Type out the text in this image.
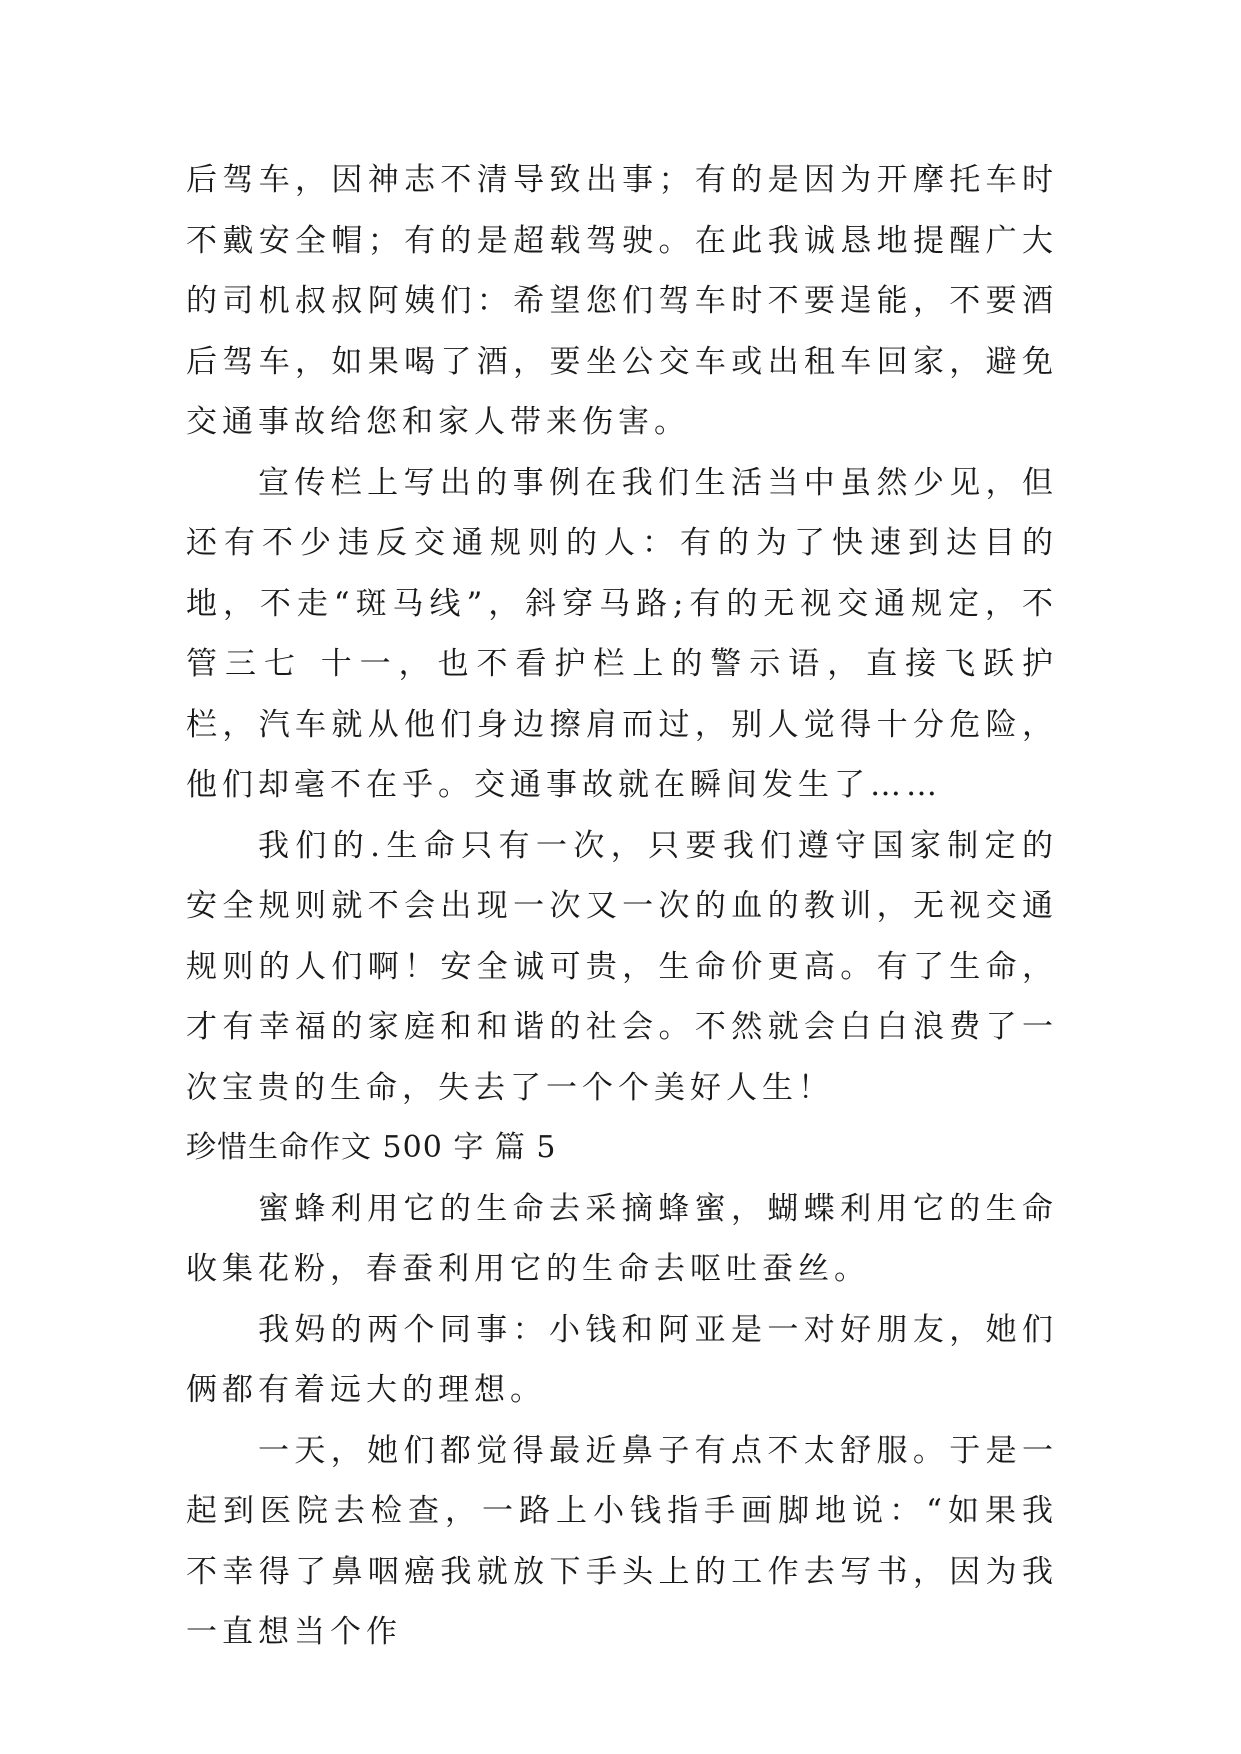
后驾车，因神志不清导致出事；有的是因为开摩托车时不戴安全帽；有的是超载驾驶。在此我诚恳地提醒广大的司机叔叔阿姨们：希望您们驾车时不要逞能，不要酒后驾车，如果喝了酒，要坐公交车或出租车回家，避免交通事故给您和家人带来伤害。

宣传栏上写出的事例在我们生活当中虽然少见，但还有不少违反交通规则的人：有的为了快速到达目的地，不走“斑马线”，斜穿马路;有的无视交通规定，不管三七 十一，也不看护栏上的警示语，直接飞跃护栏，汽车就从他们身边擦肩而过，别人觉得十分危险，他们却毫不在乎。交通事故就在瞬间发生了……

我们的.生命只有一次，只要我们遵守国家制定的安全规则就不会出现一次又一次的血的教训，无视交通规则的人们啊！安全诚可贵，生命价更高。有了生命，才有幸福的家庭和和谐的社会。不然就会白白浪费了一次宝贵的生命，失去了一个个美好人生！

珍惜生命作文 500 字 篇 5

蜜蜂利用它的生命去采摘蜂蜜，蝴蝶利用它的生命收集花粉，春蚕利用它的生命去呕吐蚕丝。

我妈的两个同事：小钱和阿亚是一对好朋友，她们俩都有着远大的理想。

一天，她们都觉得最近鼻子有点不太舒服。于是一起到医院去检查，一路上小钱指手画脚地说：“如果我不幸得了鼻咽癌我就放下手头上的工作去写书，因为我一直想当个作
